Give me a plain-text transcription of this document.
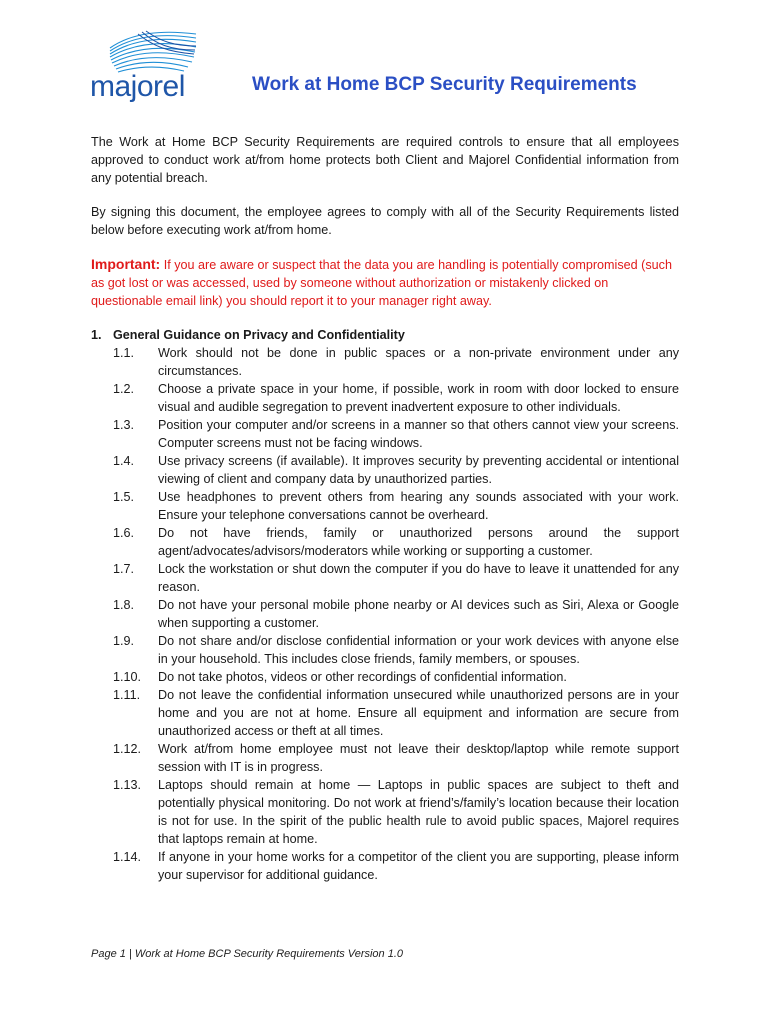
majorel	Work at Home BCP Security Requirements

The Work at Home BCP Security Requirements are required controls to ensure that all employees approved to conduct work at/from home protects both Client and Majorel Confidential information from any potential breach.

By signing this document, the employee agrees to comply with all of the Security Requirements listed below before executing work at/from home.

Important: If you are aware or suspect that the data you are handling is potentially compromised (such as got lost or was accessed, used by someone without authorization or mistakenly clicked on questionable email link) you should report it to your manager right away.

1. General Guidance on Privacy and Confidentiality
1.1.	Work should not be done in public spaces or a non-private environment under any circumstances.
1.2.	Choose a private space in your home, if possible, work in room with door locked to ensure visual and audible segregation to prevent inadvertent exposure to other individuals.
1.3.	Position your computer and/or screens in a manner so that others cannot view your screens. Computer screens must not be facing windows.
1.4.	Use privacy screens (if available). It improves security by preventing accidental or intentional viewing of client and company data by unauthorized parties.
1.5.	Use headphones to prevent others from hearing any sounds associated with your work. Ensure your telephone conversations cannot be overheard.
1.6.	Do not have friends, family or unauthorized persons around the support agent/advocates/advisors/moderators while working or supporting a customer.
1.7.	Lock the workstation or shut down the computer if you do have to leave it unattended for any reason.
1.8.	Do not have your personal mobile phone nearby or AI devices such as Siri, Alexa or Google when supporting a customer.
1.9.	Do not share and/or disclose confidential information or your work devices with anyone else in your household. This includes close friends, family members, or spouses.
1.10.	Do not take photos, videos or other recordings of confidential information.
1.11.	Do not leave the confidential information unsecured while unauthorized persons are in your home and you are not at home. Ensure all equipment and information are secure from unauthorized access or theft at all times.
1.12.	Work at/from home employee must not leave their desktop/laptop while remote support session with IT is in progress.
1.13.	Laptops should remain at home — Laptops in public spaces are subject to theft and potentially physical monitoring. Do not work at friend’s/family’s location because their location is not for use. In the spirit of the public health rule to avoid public spaces, Majorel requires that laptops remain at home.
1.14.	If anyone in your home works for a competitor of the client you are supporting, please inform your supervisor for additional guidance.
Page 1 | Work at Home BCP Security Requirements Version 1.0
